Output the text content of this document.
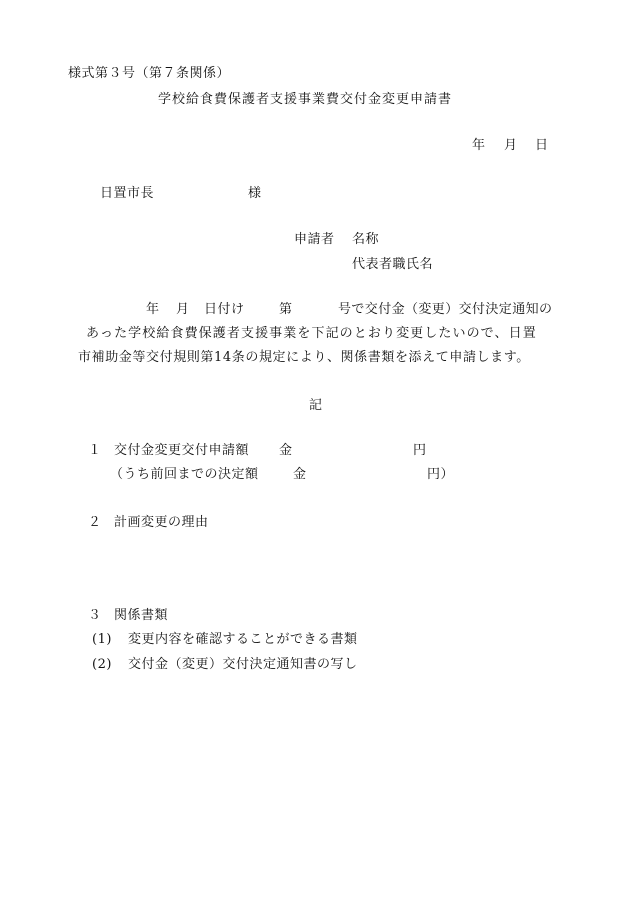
様式第３号（第７条関係）
学校給食費保護者支援事業費交付金変更申請書
年 月 日
日置市長	様
申請者 名称
代表者職氏名
年 月 日付け	第	号で交付金（変更）交付決定通知の
あった学校給食費保護者支援事業を下記のとおり変更したいので、日置
市補助金等交付規則第14条の規定により、関係書類を添えて申請します。
記
１ 交付金変更交付申請額 金	円
（うち前回までの決定額	金	円）
２ 計画変更の理由
３ 関係書類
(1) 変更内容を確認することができる書類
(2) 交付金（変更）交付決定通知書の写し
